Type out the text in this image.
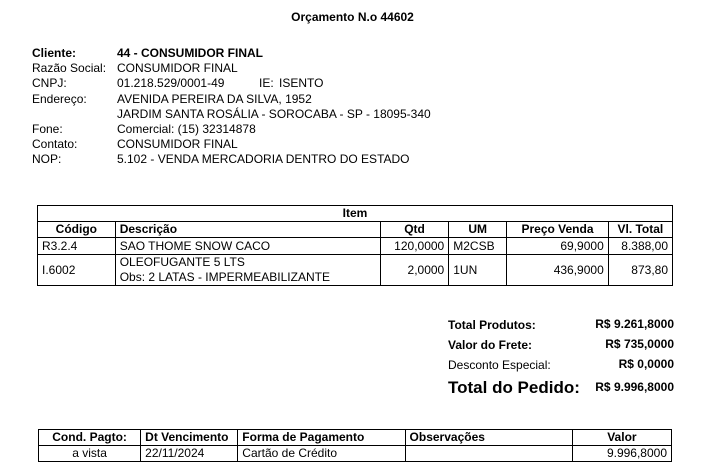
Orçamento N.o 44602
Cliente:	44 - CONSUMIDOR FINAL
Razão Social: CONSUMIDOR FINAL
CNPJ:	01.218.529/0001-49	IE: ISENTO
Endereço:	AVENIDA PEREIRA DA SILVA, 1952
JARDIM SANTA ROSÁLIA - SOROCABA - SP - 18095-340
Fone:	Comercial: (15) 32314878
Contato:	CONSUMIDOR FINAL
NOP:	5.102 - VENDA MERCADORIA DENTRO DO ESTADO
Item					
Código	Descrição	Qtd	UM	Preço Venda	Vl. Total
R3.2.4	SAO THOME SNOW CACO	120,0000	M2CSB	69,9000	8.388,00
I.6002	OLEOFUGANTE 5 LTS
Obs: 2 LATAS - IMPERMEABILIZANTE	2,0000	1UN	436,9000	873,80
Total Produtos:	R$ 9.261,8000
Valor do Frete:	R$ 735,0000
Desconto Especial:	R$ 0,0000
Total do Pedido: R$ 9.996,8000
Cond. Pagto:	Dt Vencimento	Forma de Pagamento	Observações	Valor
a vista	22/11/2024	Cartão de Crédito		9.996,8000
